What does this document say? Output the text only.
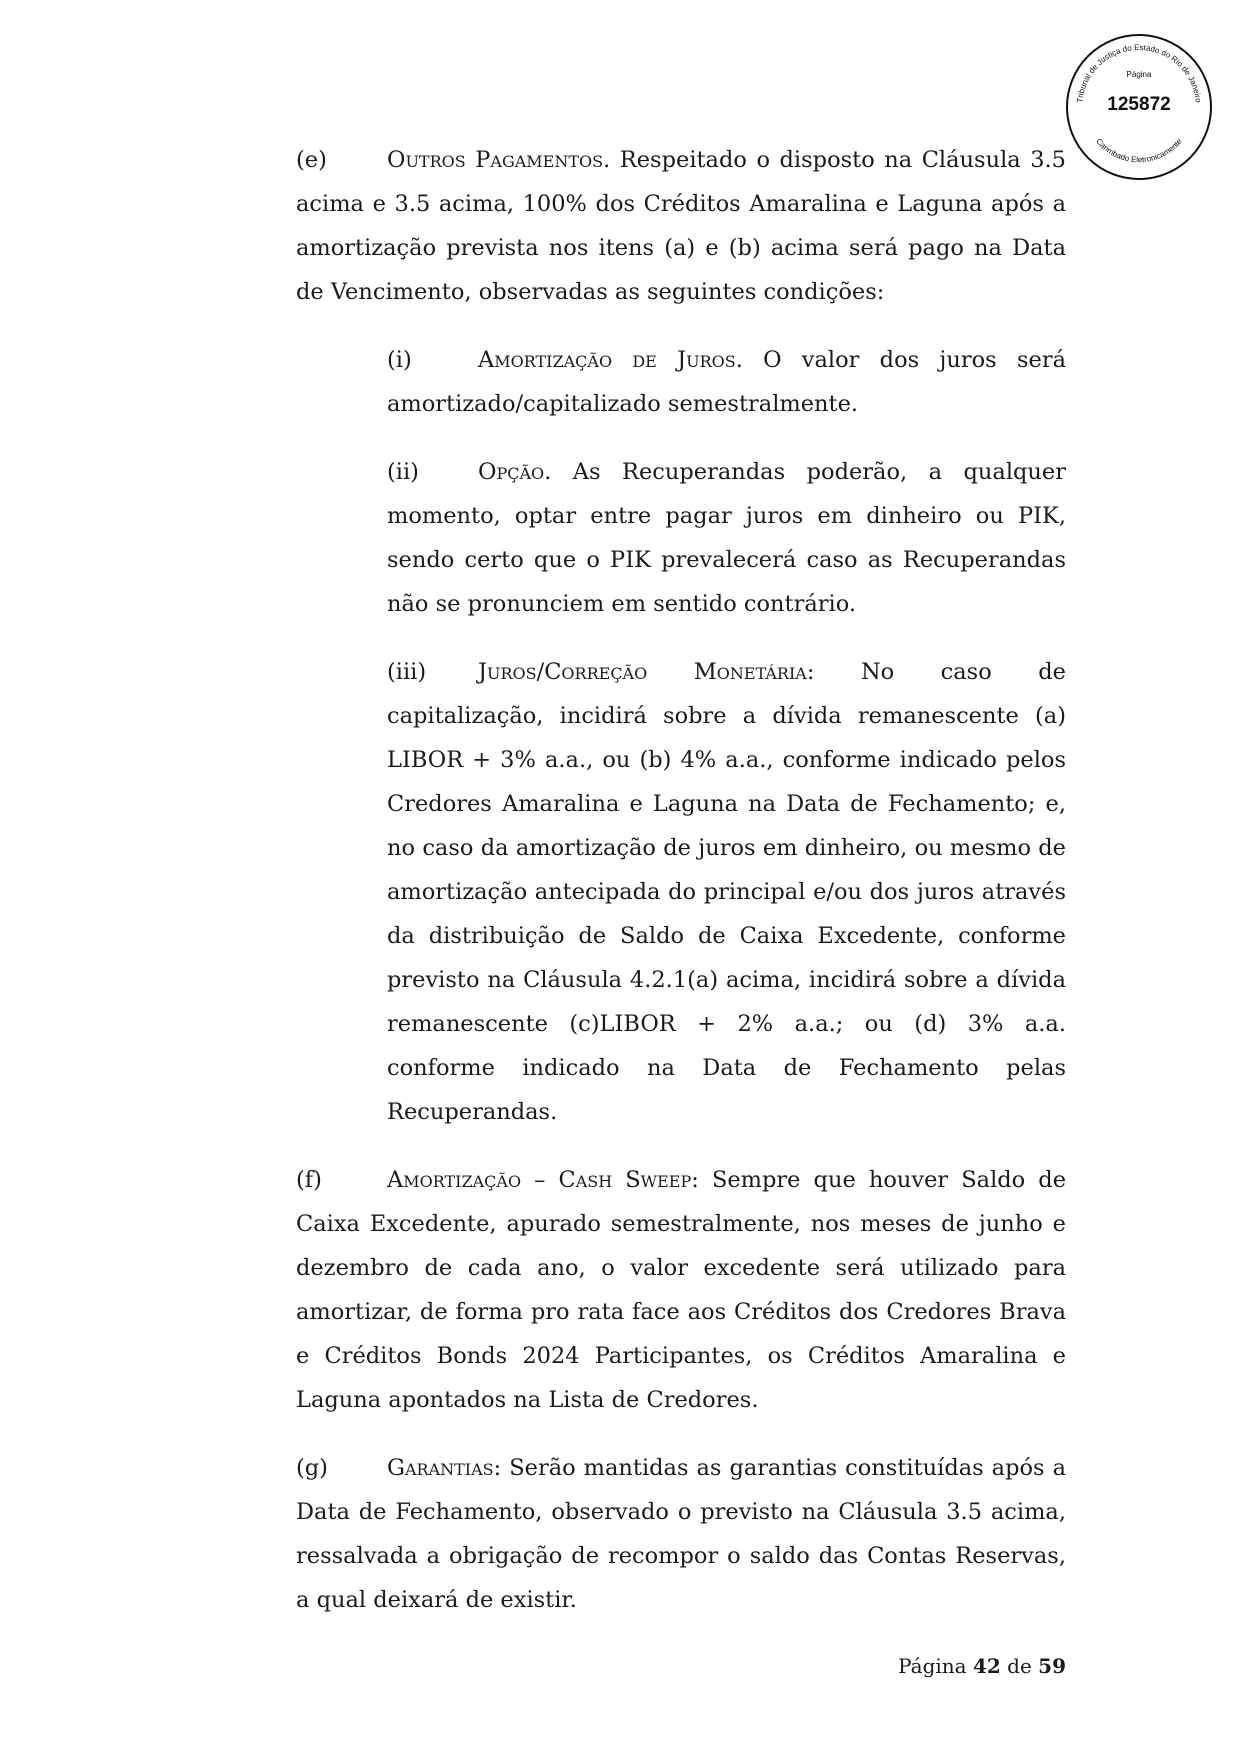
Tribunal de Justiça do Estado do Rio de Janeiro
Carimbado Eletronicamente
Página
125872

(e)	Outros Pagamentos. Respeitado o disposto na Cláusula 3.5 acima e 3.5 acima, 100% dos Créditos Amaralina e Laguna após a amortização prevista nos itens (a) e (b) acima será pago na Data de Vencimento, observadas as seguintes condições:

(i)	Amortização de Juros. O valor dos juros será amortizado/capitalizado semestralmente.

(ii)	Opção. As Recuperandas poderão, a qualquer momento, optar entre pagar juros em dinheiro ou PIK, sendo certo que o PIK prevalecerá caso as Recuperandas não se pronunciem em sentido contrário.

(iii) Juros/Correção Monetária: No caso de capitalização, incidirá sobre a dívida remanescente (a) LIBOR + 3% a.a., ou (b) 4% a.a., conforme indicado pelos Credores Amaralina e Laguna na Data de Fechamento; e, no caso da amortização de juros em dinheiro, ou mesmo de amortização antecipada do principal e/ou dos juros através da distribuição de Saldo de Caixa Excedente, conforme previsto na Cláusula 4.2.1(a) acima, incidirá sobre a dívida remanescente (c)LIBOR + 2% a.a.; ou (d) 3% a.a. conforme indicado na Data de Fechamento pelas Recuperandas.

(f)	Amortização – Cash Sweep: Sempre que houver Saldo de Caixa Excedente, apurado semestralmente, nos meses de junho e dezembro de cada ano, o valor excedente será utilizado para amortizar, de forma pro rata face aos Créditos dos Credores Brava e Créditos Bonds 2024 Participantes, os Créditos Amaralina e Laguna apontados na Lista de Credores.

(g)	Garantias: Serão mantidas as garantias constituídas após a Data de Fechamento, observado o previsto na Cláusula 3.5 acima, ressalvada a obrigação de recompor o saldo das Contas Reservas, a qual deixará de existir.

Página 42 de 59
